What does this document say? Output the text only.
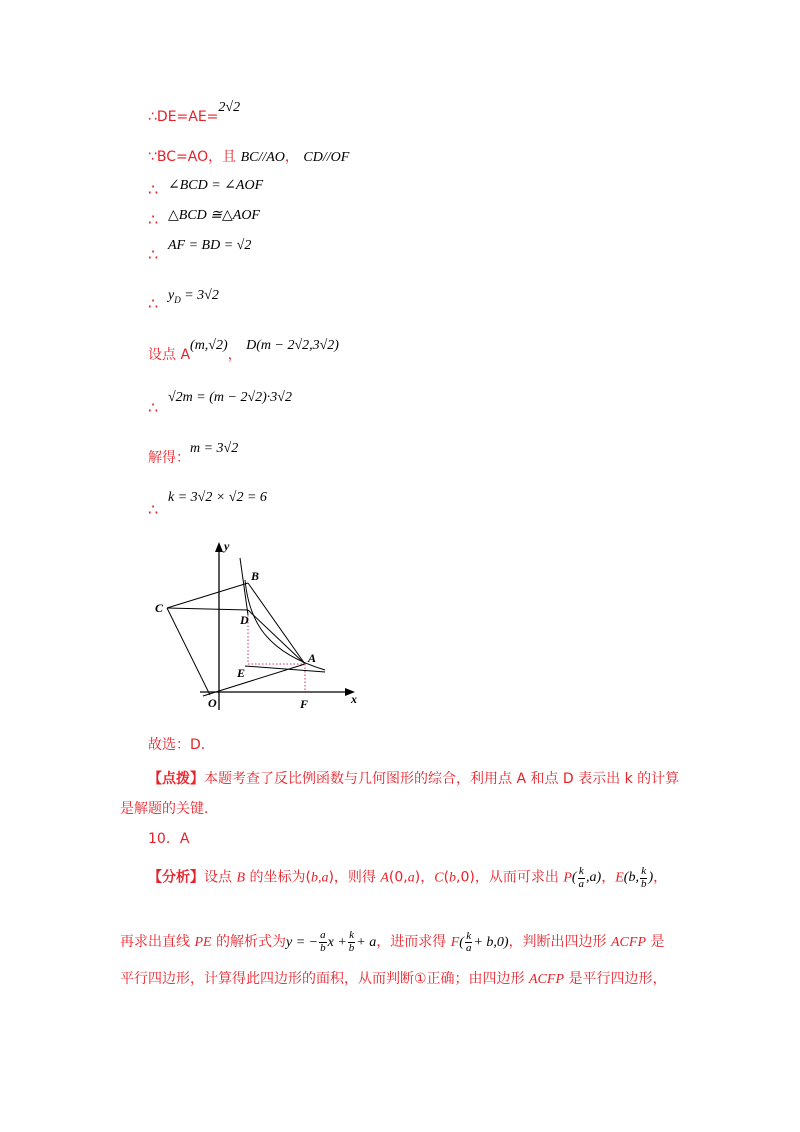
∴DE=AE=2√2
∵BC=AO，且 BC//AO， CD//OF
∴ ∠BCD = ∠AOF
∴ △BCD ≅△AOF
∴ AF = BD = √2
∴ $y_D = 3√2$
设点 A(m,√2)， D(m − 2√2,3√2)
∴
√2m = (m − 2√2)·3√2
解得：m = 3√2
∴
k = 3√2 × √2 = 6
y
x
B
C
D
A
E
O	F
故选：D．
【点拨】本题考查了反比例函数与几何图形的综合，利用点 A 和点 D 表示出 k 的计算
是解题的关键．
10．A
【分析】设点 B 的坐标为(b,a)，则得 A(0,a)，C(b,0)，从而可求出 $P( \frac{k}{a} ,a)$，E(b, $\frac{k}{b}$ )，
再求出直线 PE 的解析式为y = − $\frac{a}{b}$ $x + \frac{k}{b} + a$，进而求得 $F( \frac{k}{a} + b,0)$，判断出四边形 ACFP 是
平行四边形，计算得此四边形的面积，从而判断①正确；由四边形 ACFP 是平行四边形，
